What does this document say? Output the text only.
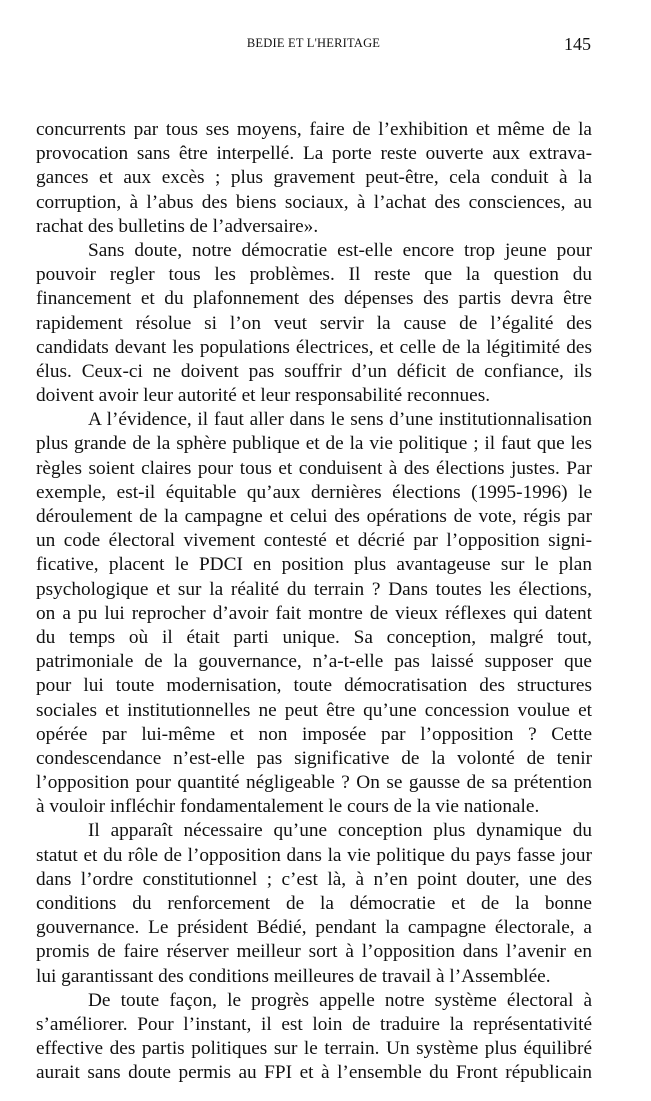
BEDIE ET L'HERITAGE	145
concurrents par tous ses moyens, faire de l’exhibition et même de la
provocation sans être interpellé. La porte reste ouverte aux extrava-
gances et aux excès ; plus gravement peut-être, cela conduit à la
corruption, à l’abus des biens sociaux, à l’achat des consciences, au
rachat des bulletins de l’adversaire».
Sans doute, notre démocratie est-elle encore trop jeune pour
pouvoir regler tous les problèmes. Il reste que la question du
financement et du plafonnement des dépenses des partis devra être
rapidement résolue si l’on veut servir la cause de l’égalité des
candidats devant les populations électrices, et celle de la légitimité des
élus. Ceux-ci ne doivent pas souffrir d’un déficit de confiance, ils
doivent avoir leur autorité et leur responsabilité reconnues.
A l’évidence, il faut aller dans le sens d’une institutionnalisation
plus grande de la sphère publique et de la vie politique ; il faut que les
règles soient claires pour tous et conduisent à des élections justes. Par
exemple, est-il équitable qu’aux dernières élections (1995-1996) le
déroulement de la campagne et celui des opérations de vote, régis par
un code électoral vivement contesté et décrié par l’opposition signi-
ficative, placent le PDCI en position plus avantageuse sur le plan
psychologique et sur la réalité du terrain ? Dans toutes les élections,
on a pu lui reprocher d’avoir fait montre de vieux réflexes qui datent
du temps où il était parti unique. Sa conception, malgré tout,
patrimoniale de la gouvernance, n’a-t-elle pas laissé supposer que
pour lui toute modernisation, toute démocratisation des structures
sociales et institutionnelles ne peut être qu’une concession voulue et
opérée par lui-même et non imposée par l’opposition ? Cette
condescendance n’est-elle pas significative de la volonté de tenir
l’opposition pour quantité négligeable ? On se gausse de sa prétention
à vouloir infléchir fondamentalement le cours de la vie nationale.
Il apparaît nécessaire qu’une conception plus dynamique du
statut et du rôle de l’opposition dans la vie politique du pays fasse jour
dans l’ordre constitutionnel ; c’est là, à n’en point douter, une des
conditions du renforcement de la démocratie et de la bonne
gouvernance. Le président Bédié, pendant la campagne électorale, a
promis de faire réserver meilleur sort à l’opposition dans l’avenir en
lui garantissant des conditions meilleures de travail à l’Assemblée.
De toute façon, le progrès appelle notre système électoral à
s’améliorer. Pour l’instant, il est loin de traduire la représentativité
effective des partis politiques sur le terrain. Un système plus équilibré
aurait sans doute permis au FPI et à l’ensemble du Front républicain
